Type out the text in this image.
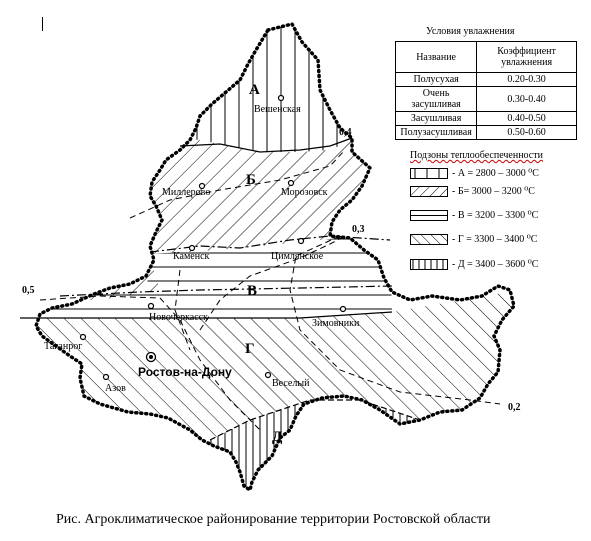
А
Б
В
Г
Д
0,4
0,3
0,5
0,2
Вешенская
Миллерово	Морозовск
Каменск	Цимлянское
Новочеркасск
Зимовники
Таганрог
Азов
Ростов-на-Дону
Веселый
Условия увлажнения
Название	Коэффициент увлажнения
Полусухая	0.20-0.30
Очень засушливая	0.30-0.40
Засушливая	0.40-0.50
Полузасушливая	0.50-0.60
Подзоны теплообеспеченности
- А = 2800 – 3000 ⁰С
- Б= 3000 – 3200 ⁰С
- В = 3200 – 3300 ⁰С
- Г = 3300 – 3400 ⁰С
- Д = 3400 – 3600 ⁰С
Рис. Агроклиматическое районирование территории Ростовской области
